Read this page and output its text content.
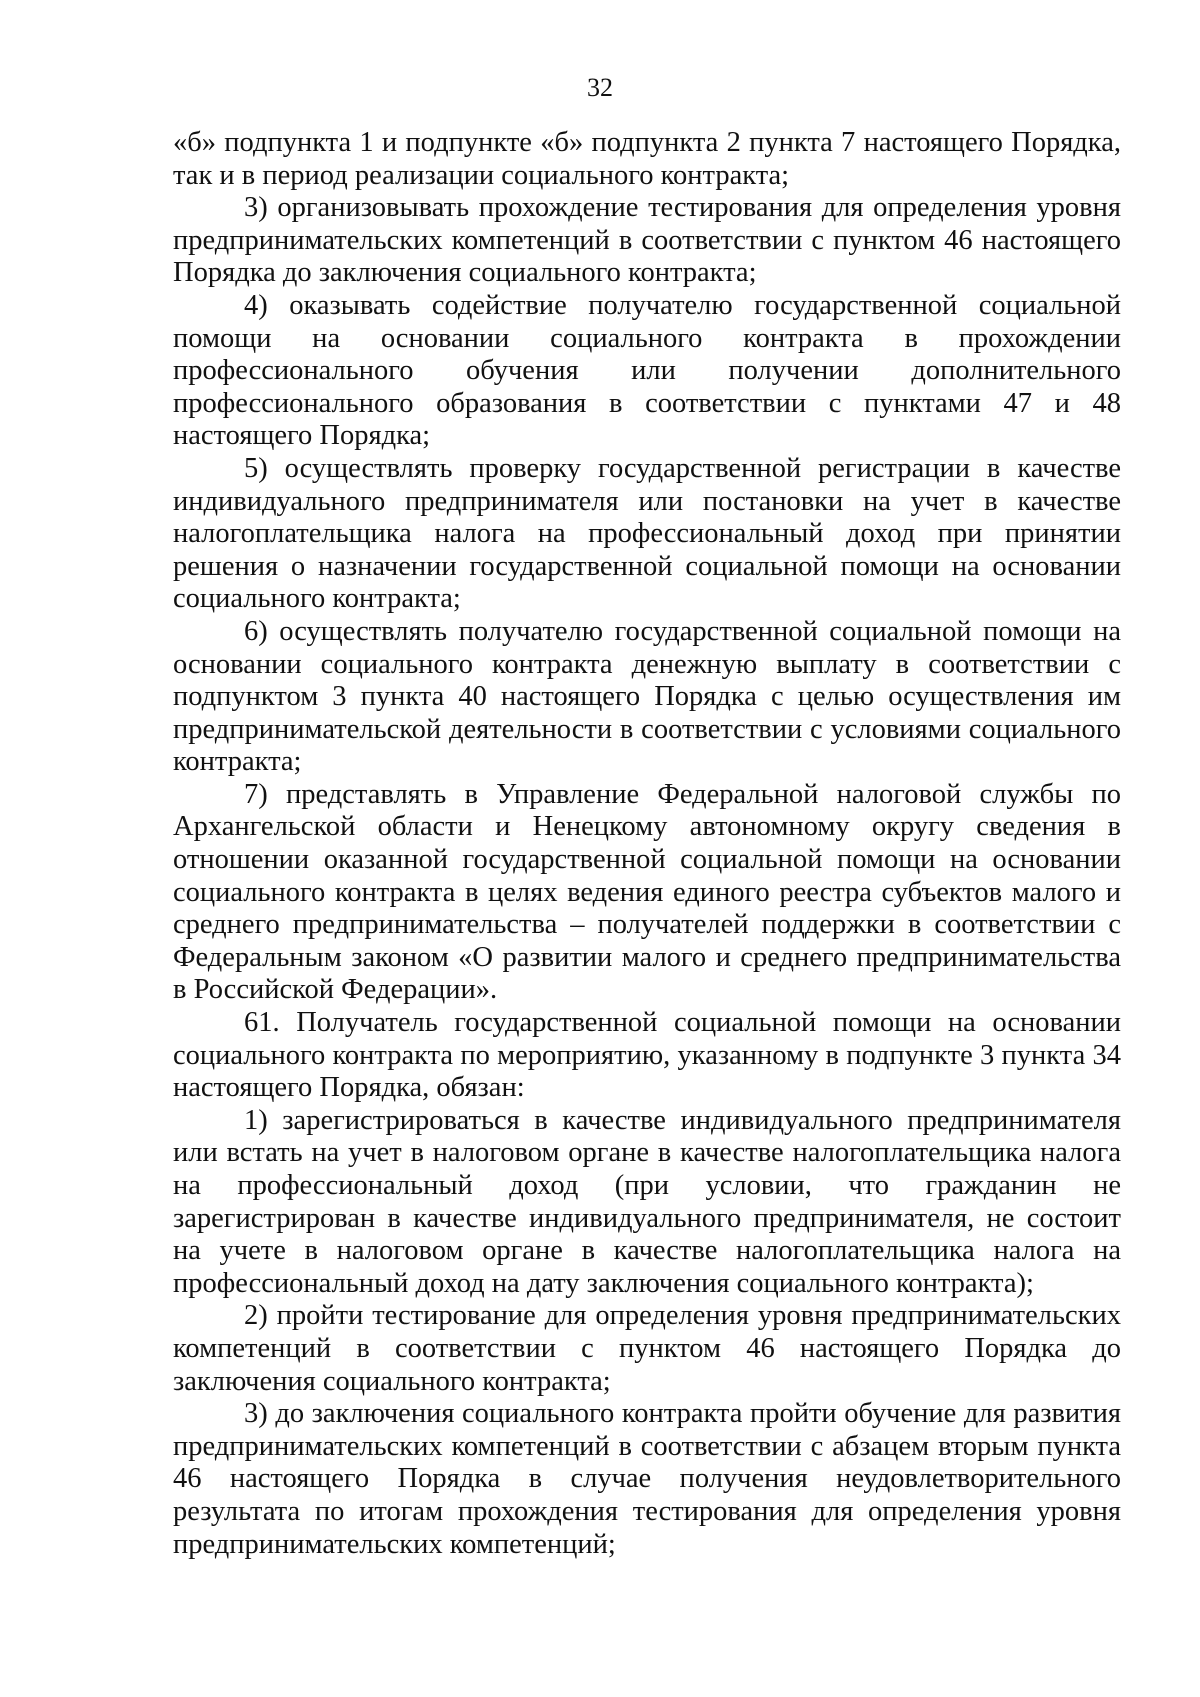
32

«б» подпункта 1 и подпункте «б» подпункта 2 пункта 7 настоящего Порядка, так и в период реализации социального контракта;

3) организовывать прохождение тестирования для определения уровня предпринимательских компетенций в соответствии с пунктом 46 настоящего Порядка до заключения социального контракта;

4) оказывать содействие получателю государственной социальной помощи на основании социального контракта в прохождении профессионального обучения или получении дополнительного профессионального образования в соответствии с пунктами 47 и 48 настоящего Порядка;

5) осуществлять проверку государственной регистрации в качестве индивидуального предпринимателя или постановки на учет в качестве налогоплательщика налога на профессиональный доход при принятии решения о назначении государственной социальной помощи на основании социального контракта;

6) осуществлять получателю государственной социальной помощи на основании социального контракта денежную выплату в соответствии с подпунктом 3 пункта 40 настоящего Порядка с целью осуществления им предпринимательской деятельности в соответствии с условиями социального контракта;

7) представлять в Управление Федеральной налоговой службы по Архангельской области и Ненецкому автономному округу сведения в отношении оказанной государственной социальной помощи на основании социального контракта в целях ведения единого реестра субъектов малого и среднего предпринимательства – получателей поддержки в соответствии с Федеральным законом «О развитии малого и среднего предпринимательства в Российской Федерации».

61. Получатель государственной социальной помощи на основании социального контракта по мероприятию, указанному в подпункте 3 пункта 34 настоящего Порядка, обязан:

1) зарегистрироваться в качестве индивидуального предпринимателя или встать на учет в налоговом органе в качестве налогоплательщика налога на профессиональный доход (при условии, что гражданин не зарегистрирован в качестве индивидуального предпринимателя, не состоит на учете в налоговом органе в качестве налогоплательщика налога на профессиональный доход на дату заключения социального контракта);

2) пройти тестирование для определения уровня предпринимательских компетенций в соответствии с пунктом 46 настоящего Порядка до заключения социального контракта;

3) до заключения социального контракта пройти обучение для развития предпринимательских компетенций в соответствии с абзацем вторым пункта 46 настоящего Порядка в случае получения неудовлетворительного результата по итогам прохождения тестирования для определения уровня предпринимательских компетенций;
